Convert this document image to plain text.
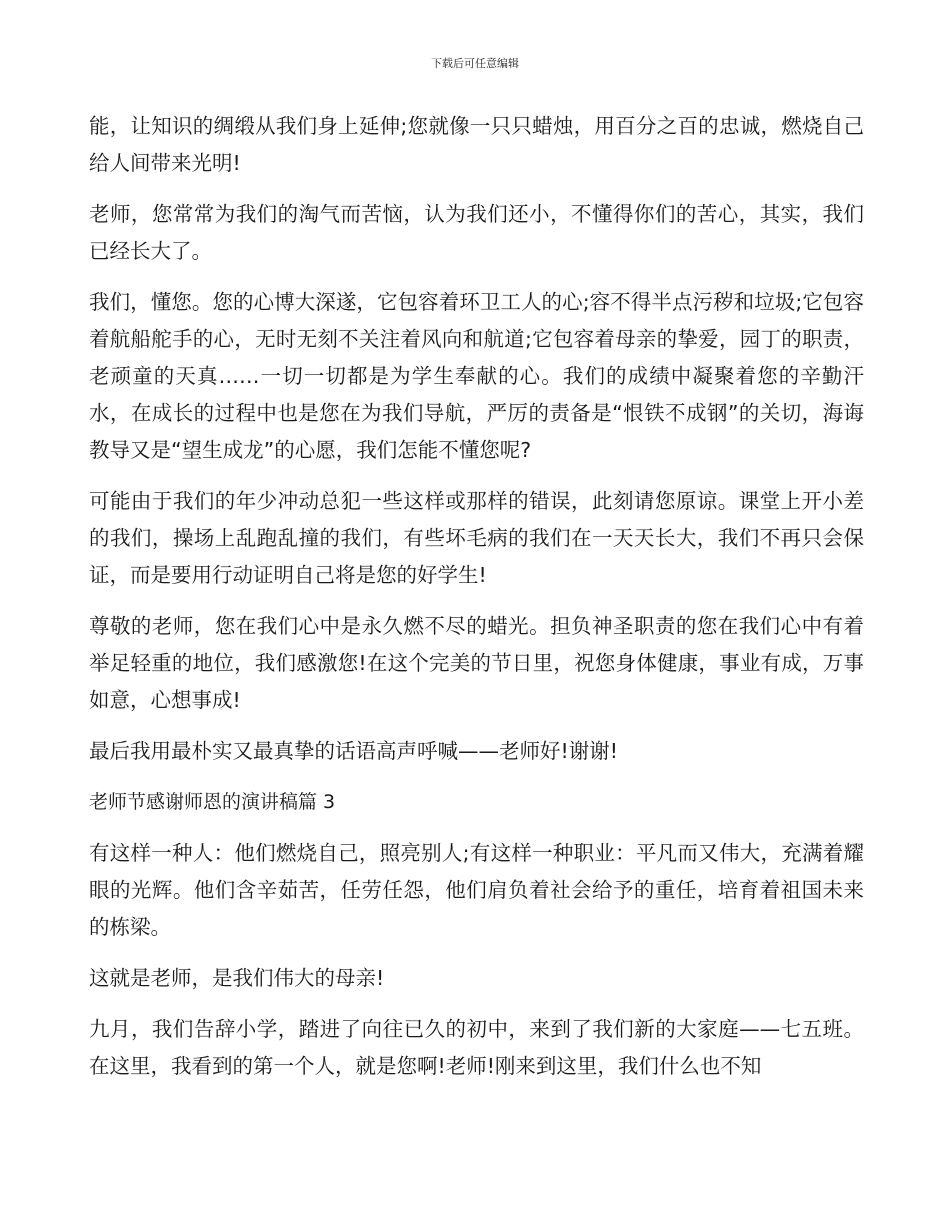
下载后可任意编辑

能，让知识的绸缎从我们身上延伸;您就像一只只蜡烛，用百分之百的忠诚，燃烧自己给人间带来光明!

老师，您常常为我们的淘气而苦恼，认为我们还小，不懂得你们的苦心，其实，我们已经长大了。

我们，懂您。您的心博大深遂，它包容着环卫工人的心;容不得半点污秽和垃圾;它包容着航船舵手的心，无时无刻不关注着风向和航道;它包容着母亲的挚爱，园丁的职责，老顽童的天真……一切一切都是为学生奉献的心。我们的成绩中凝聚着您的辛勤汗水，在成长的过程中也是您在为我们导航，严厉的责备是“恨铁不成钢”的关切，海诲教导又是“望生成龙”的心愿，我们怎能不懂您呢?

可能由于我们的年少冲动总犯一些这样或那样的错误，此刻请您原谅。课堂上开小差的我们，操场上乱跑乱撞的我们，有些坏毛病的我们在一天天长大，我们不再只会保证，而是要用行动证明自己将是您的好学生!

尊敬的老师，您在我们心中是永久燃不尽的蜡光。担负神圣职责的您在我们心中有着举足轻重的地位，我们感激您!在这个完美的节日里，祝您身体健康，事业有成，万事如意，心想事成!

最后我用最朴实又最真挚的话语高声呼喊——老师好!谢谢!

老师节感谢师恩的演讲稿篇 3

有这样一种人：他们燃烧自己，照亮别人;有这样一种职业：平凡而又伟大，充满着耀眼的光辉。他们含辛茹苦，任劳任怨，他们肩负着社会给予的重任，培育着祖国未来的栋梁。

这就是老师，是我们伟大的母亲!

九月，我们告辞小学，踏进了向往已久的初中，来到了我们新的大家庭——七五班。在这里，我看到的第一个人，就是您啊!老师!刚来到这里，我们什么也不知
